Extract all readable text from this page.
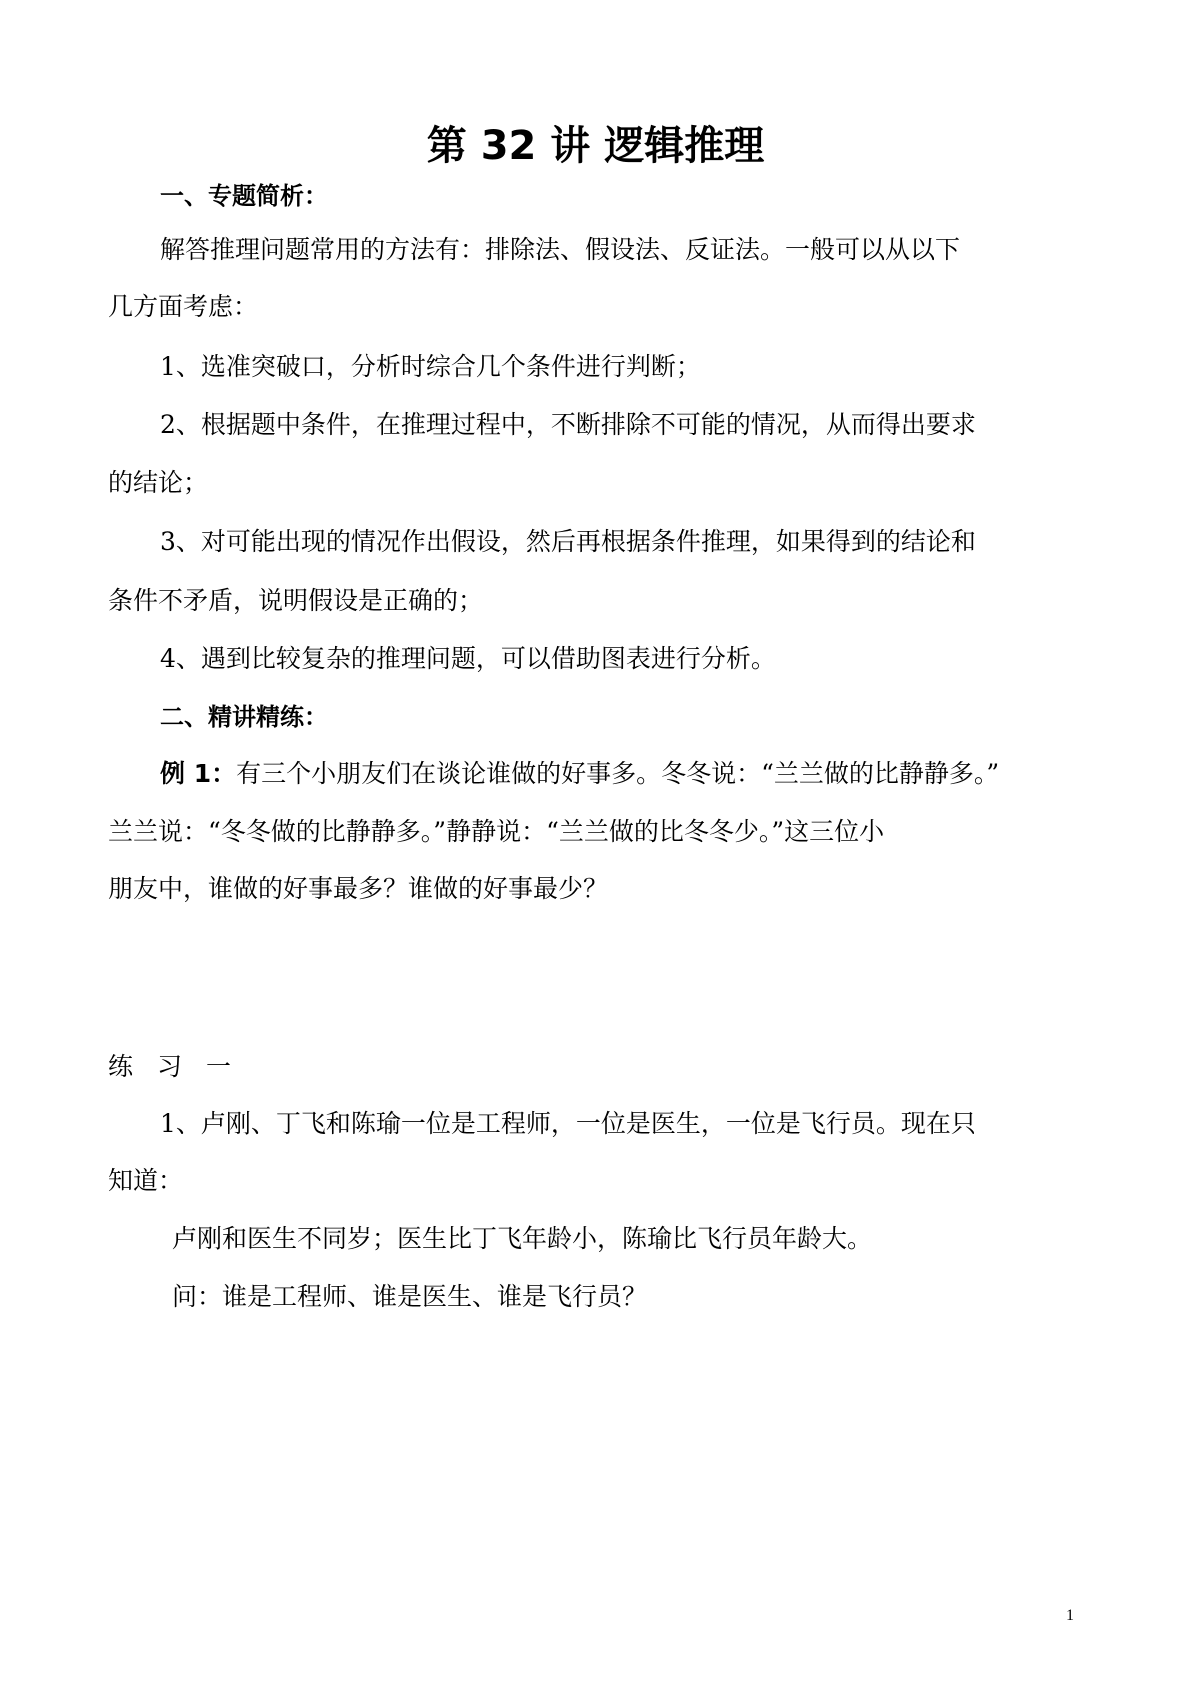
第 32 讲 逻辑推理
一、专题简析：
解答推理问题常用的方法有：排除法、假设法、反证法。一般可以从以下
几方面考虑：
1、选准突破口，分析时综合几个条件进行判断；
2、根据题中条件，在推理过程中，不断排除不可能的情况，从而得出要求
的结论；
3、对可能出现的情况作出假设，然后再根据条件推理，如果得到的结论和
条件不矛盾，说明假设是正确的；
4、遇到比较复杂的推理问题，可以借助图表进行分析。
二、精讲精练：
例 1：有三个小朋友们在谈论谁做的好事多。冬冬说：“兰兰做的比静静多。”
兰兰说：“冬冬做的比静静多。”静静说：“兰兰做的比冬冬少。”这三位小
朋友中，谁做的好事最多？谁做的好事最少？
练习一
1、卢刚、丁飞和陈瑜一位是工程师，一位是医生，一位是飞行员。现在只
知道：
卢刚和医生不同岁；医生比丁飞年龄小，陈瑜比飞行员年龄大。
问：谁是工程师、谁是医生、谁是飞行员？
1
